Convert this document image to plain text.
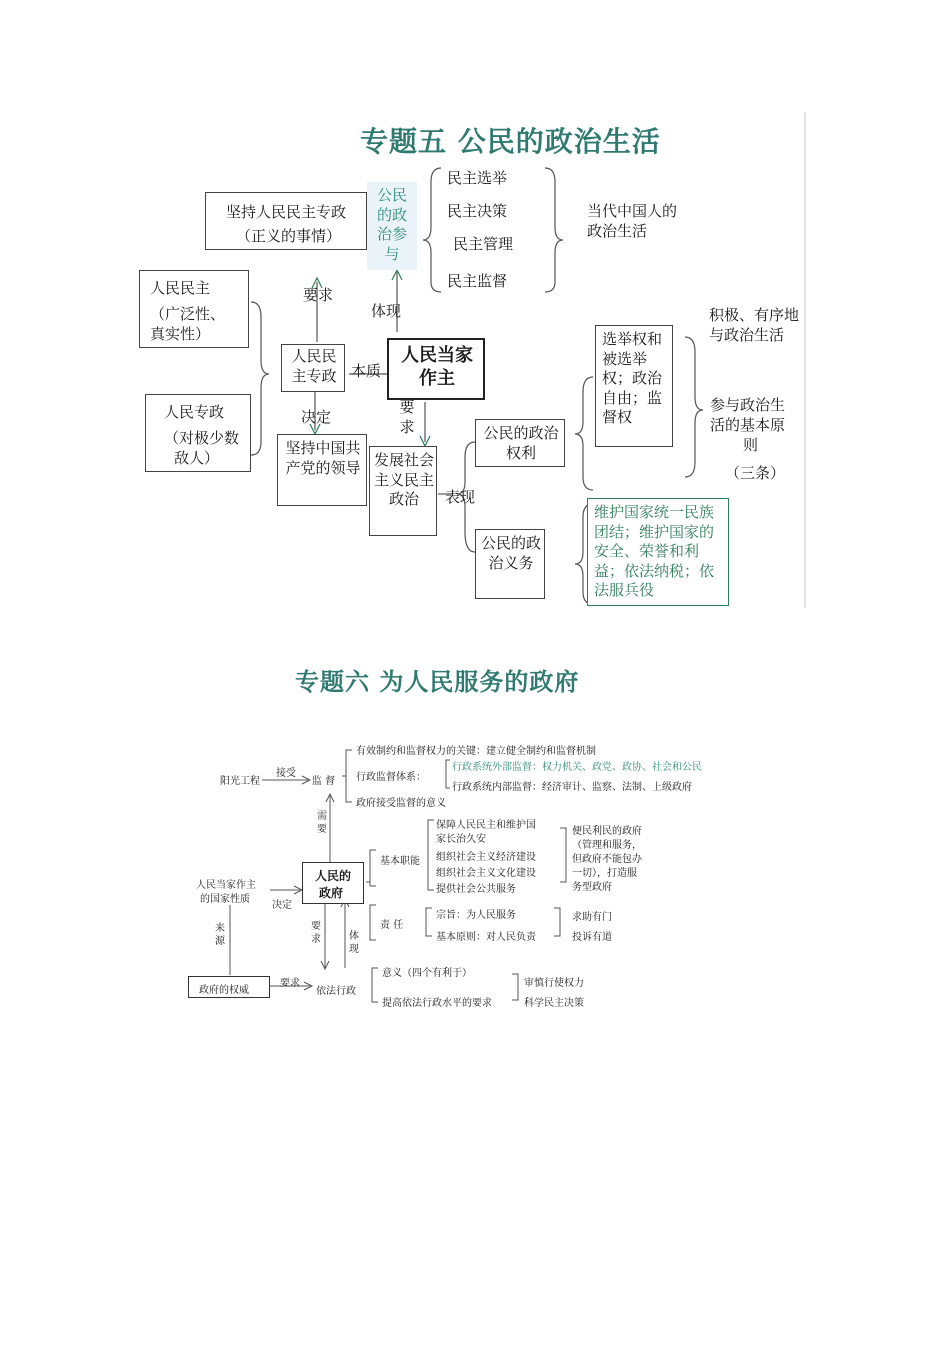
专题五 公民的政治生活
坚持人民民主专政
（正义的事情）
公民的政治参与
民主选举
民主决策
民主管理
民主监督
当代中国人的
政治生活
要求
体现
人民民主
（广泛性、
真实性）
人民专政
（对极少数
敌人）
人民民主专政 本质
人民当家作主
决定
要求
坚持中国共产党的领导 发展社会主义民主政治	表现
公民的政治权利
选举权和被选举权；政治自由；监督权
积极、有序地
与政治生活
参与政治生
活的基本原
则
（三条）
公民的政治义务
维护国家统一民族团结；维护国家的安全、荣誉和利益；依法纳税；依法服兵役
专题六 为人民服务的政府
有效制约和监督权力的关键：建立健全制约和监督机制
行政监督体系：
行政系统外部监督：权力机关、政党、政协、社会和公民
行政系统内部监督：经济审计、监察、法制、上级政府
政府接受监督的意义
阳光工程
接受
监 督
需要
基本职能
保障人民民主和维护国
家长治久安
组织社会主义经济建设
组织社会主义文化建设
提供社会公共服务
便民利民的政府
（管理和服务，
但政府不能包办
一切），打造服
务型政府
人民当家作主
的国家性质
决定
人民的
政府
责 任
宗旨：为人民服务
基本原则：对人民负责
求助有门
投诉有道
来源
要求	体现
政府的权威
要求
依法行政
意义（四个有利于）
提高依法行政水平的要求
审慎行使权力
科学民主决策
